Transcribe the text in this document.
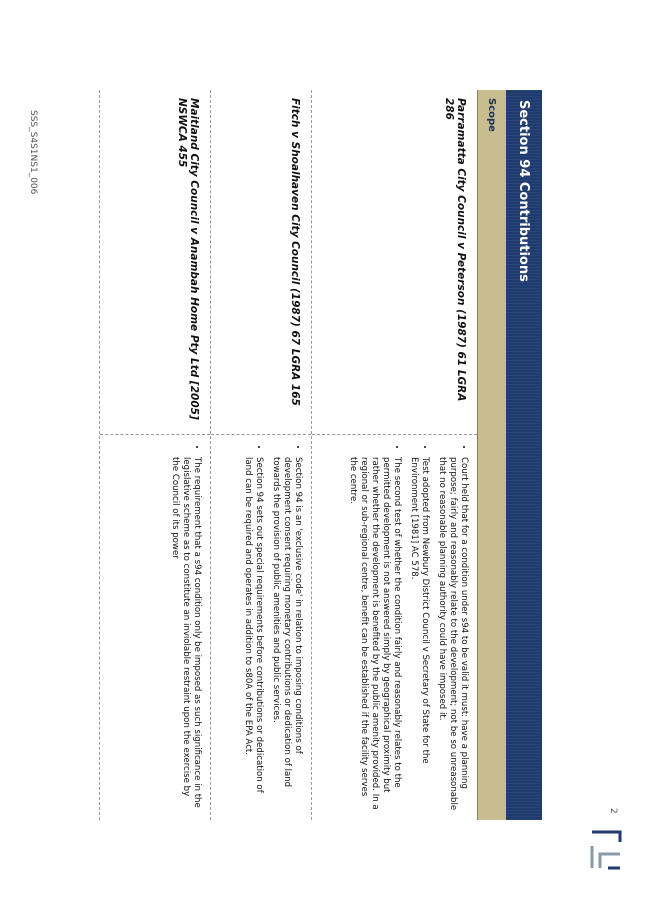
SSS_S4S1NS1_006
2
Section 94 Contributions
Scope
Parramatta City Council v Peterson (1987) 61 LGRA 286
• Court held that for a condition under s94 to be valid it must: have a planning purpose; fairly and reasonably relate to the development; not be so unreasonable that no reasonable planning authority could have imposed it.
• Test adopted from Newbury District Council v Secretary of State for the Environment [1981] AC 578.
• The second test of whether the condition fairly and reasonably relates to the permitted development is not answered simply by geographical proximity but rather whether the development is benefited by the public amenity provided. In a regional or sub-regional centre, benefit can be established if the facility serves the centre.
Fitch v Shoalhaven City Council (1987) 67 LGRA 165
• Section 94 is an 'exclusive code' in relation to imposing conditions of development consent requiring monetary contributions or dedication of land towards the provision of public amenities and public services.
• Section 94 sets out special requirements before contributions or dedication of land can be required and operates in addition to s80A of the EPA Act.
Maitland City Council v Anambah Home Pty Ltd [2005] NSWCA 455
• The requirement that a s94 condition only be imposed as such significance in the legislative scheme as to constitute an inviolable restraint upon the exercise by the Council of its power
